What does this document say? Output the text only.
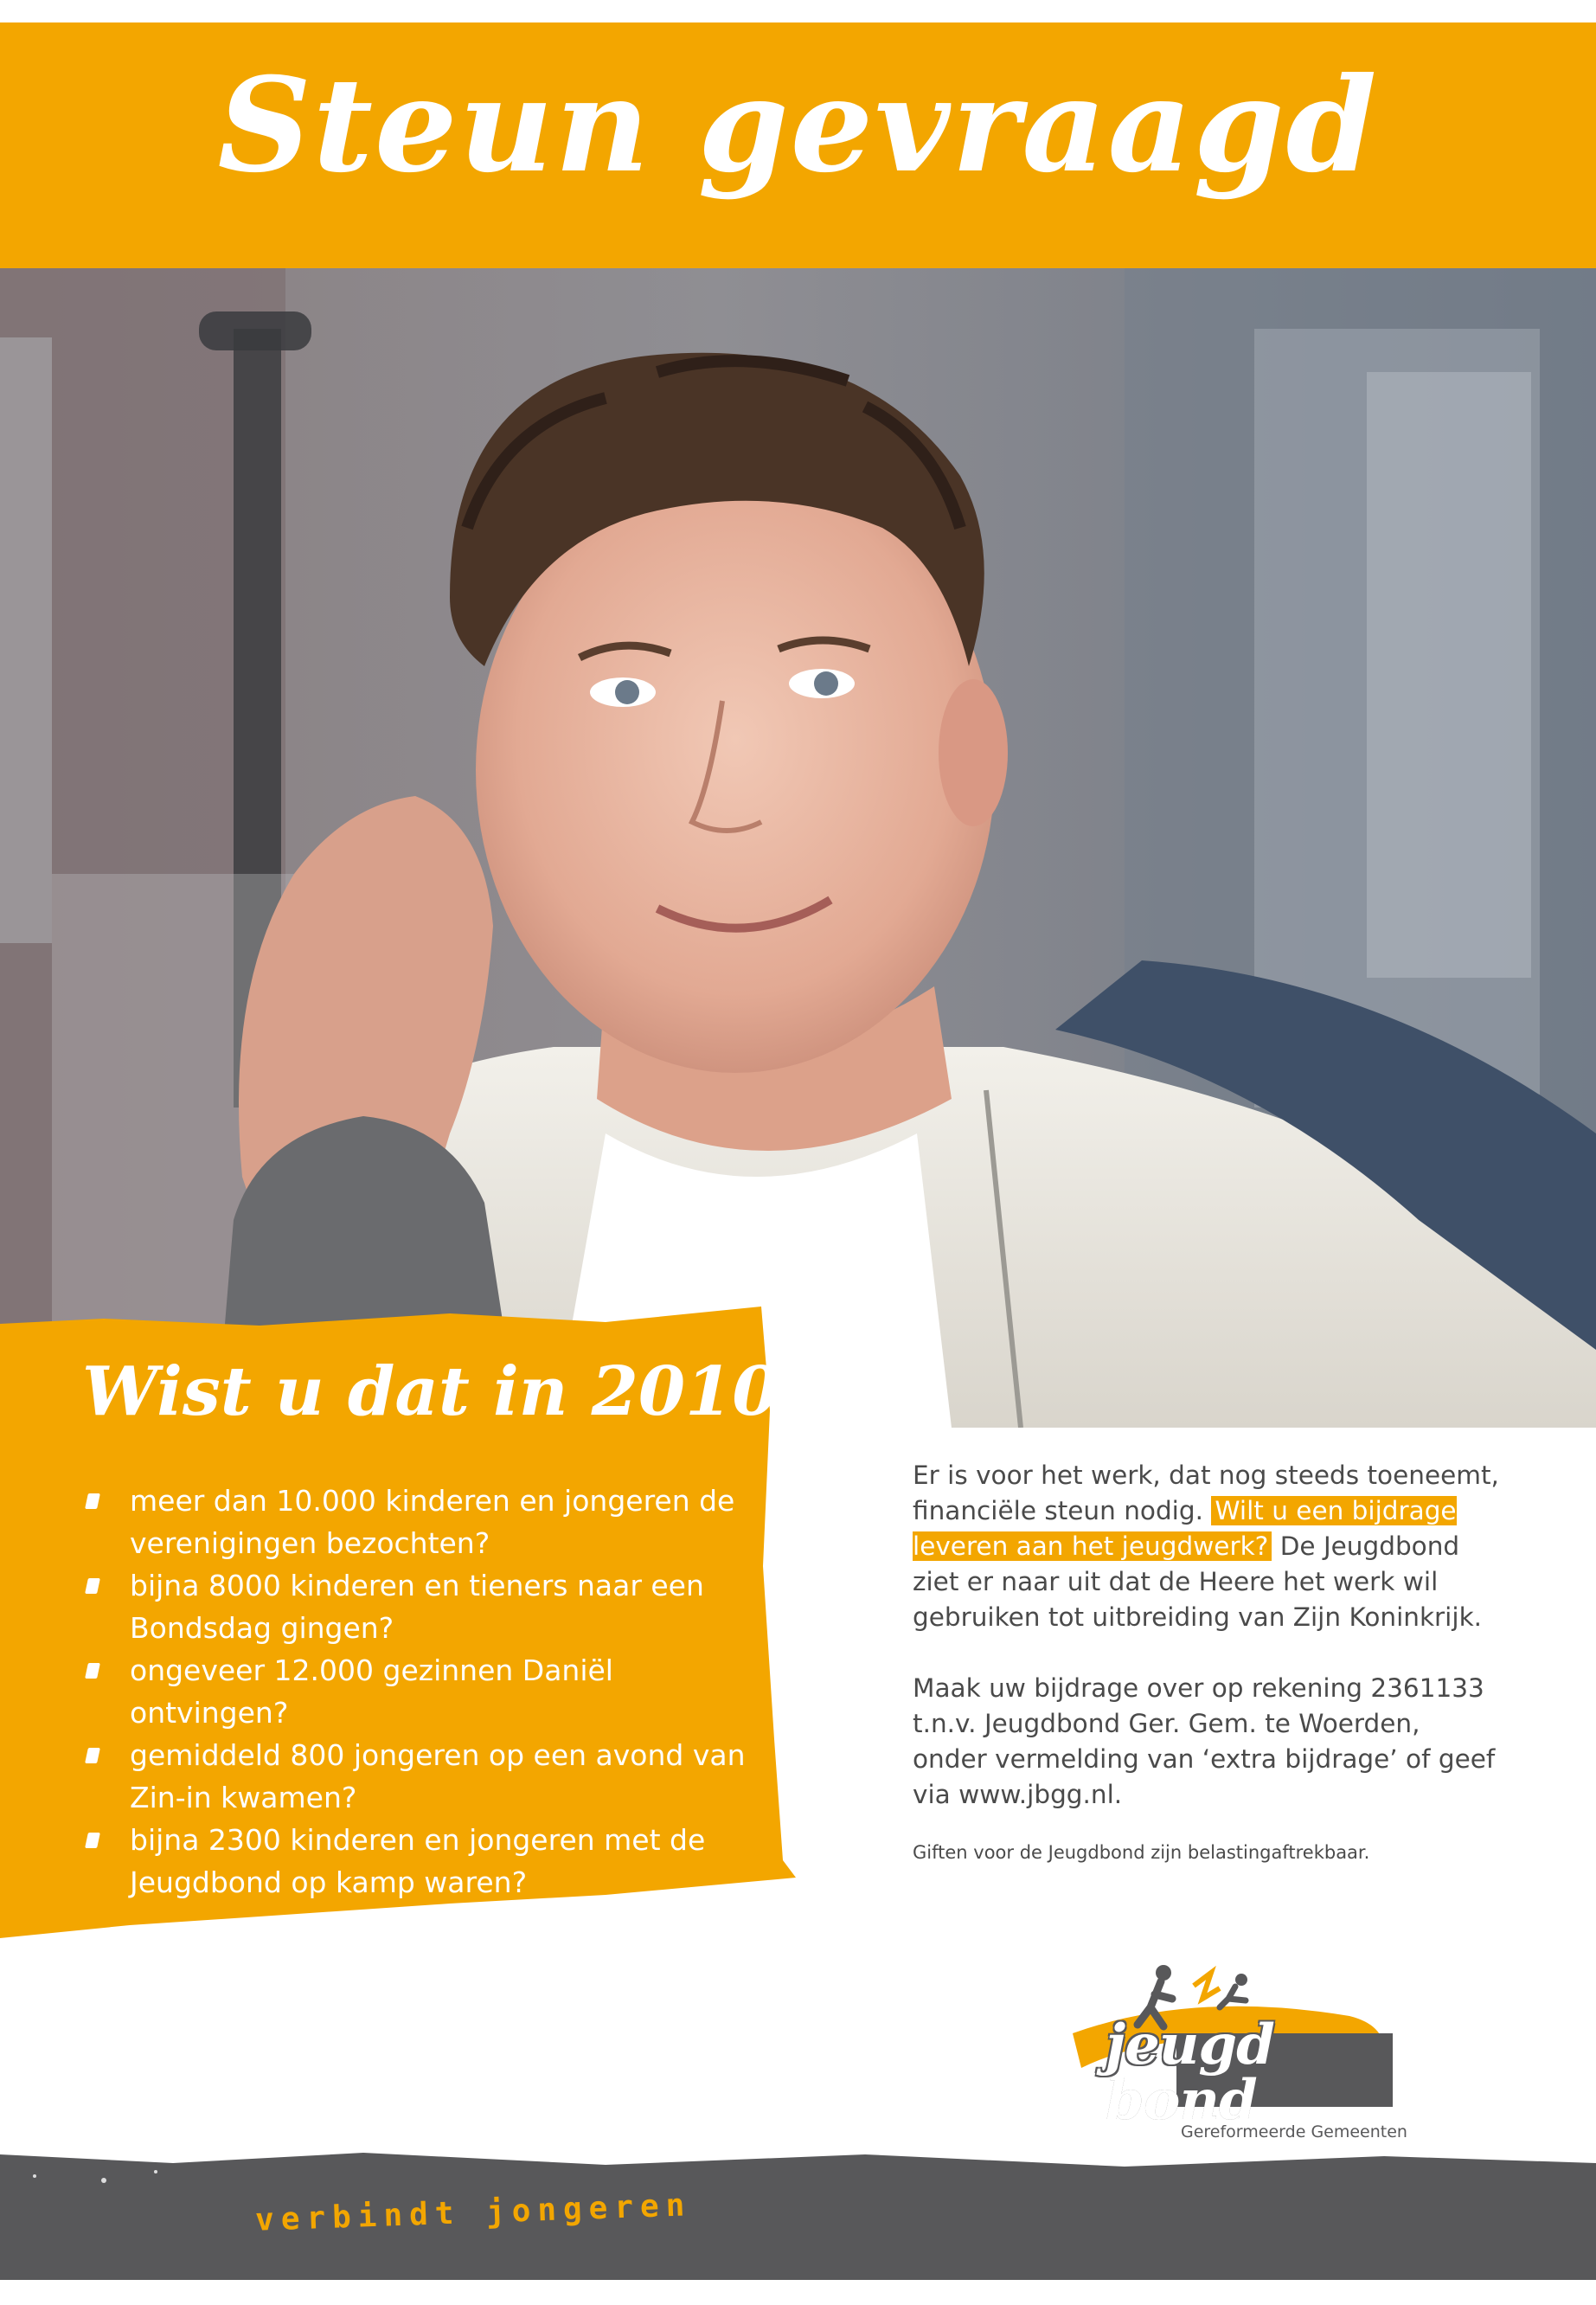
Steun gevraagd
Wist u dat in 2010:
meer dan 10.000 kinderen en jongeren de verenigingen bezochten?
bijna 8000 kinderen en tieners naar een Bondsdag gingen?
ongeveer 12.000 gezinnen Daniël ontvingen?
gemiddeld 800 jongeren op een avond van Zin-in kwamen?
bijna 2300 kinderen en jongeren met de Jeugdbond op kamp waren?

Er is voor het werk, dat nog steeds toeneemt, financiële steun nodig. Wilt u een bijdrage leveren aan het jeugdwerk? De Jeugdbond ziet er naar uit dat de Heere het werk wil gebruiken tot uitbreiding van Zijn Koninkrijk.

Maak uw bijdrage over op rekening 2361133 t.n.v. Jeugdbond Ger. Gem. te Woerden, onder vermelding van ‘extra bijdrage’ of geef via www.jbgg.nl.

Giften voor de Jeugdbond zijn belastingaftrekbaar.
jeugdbond
Gereformeerde Gemeenten
verbindt jongeren
